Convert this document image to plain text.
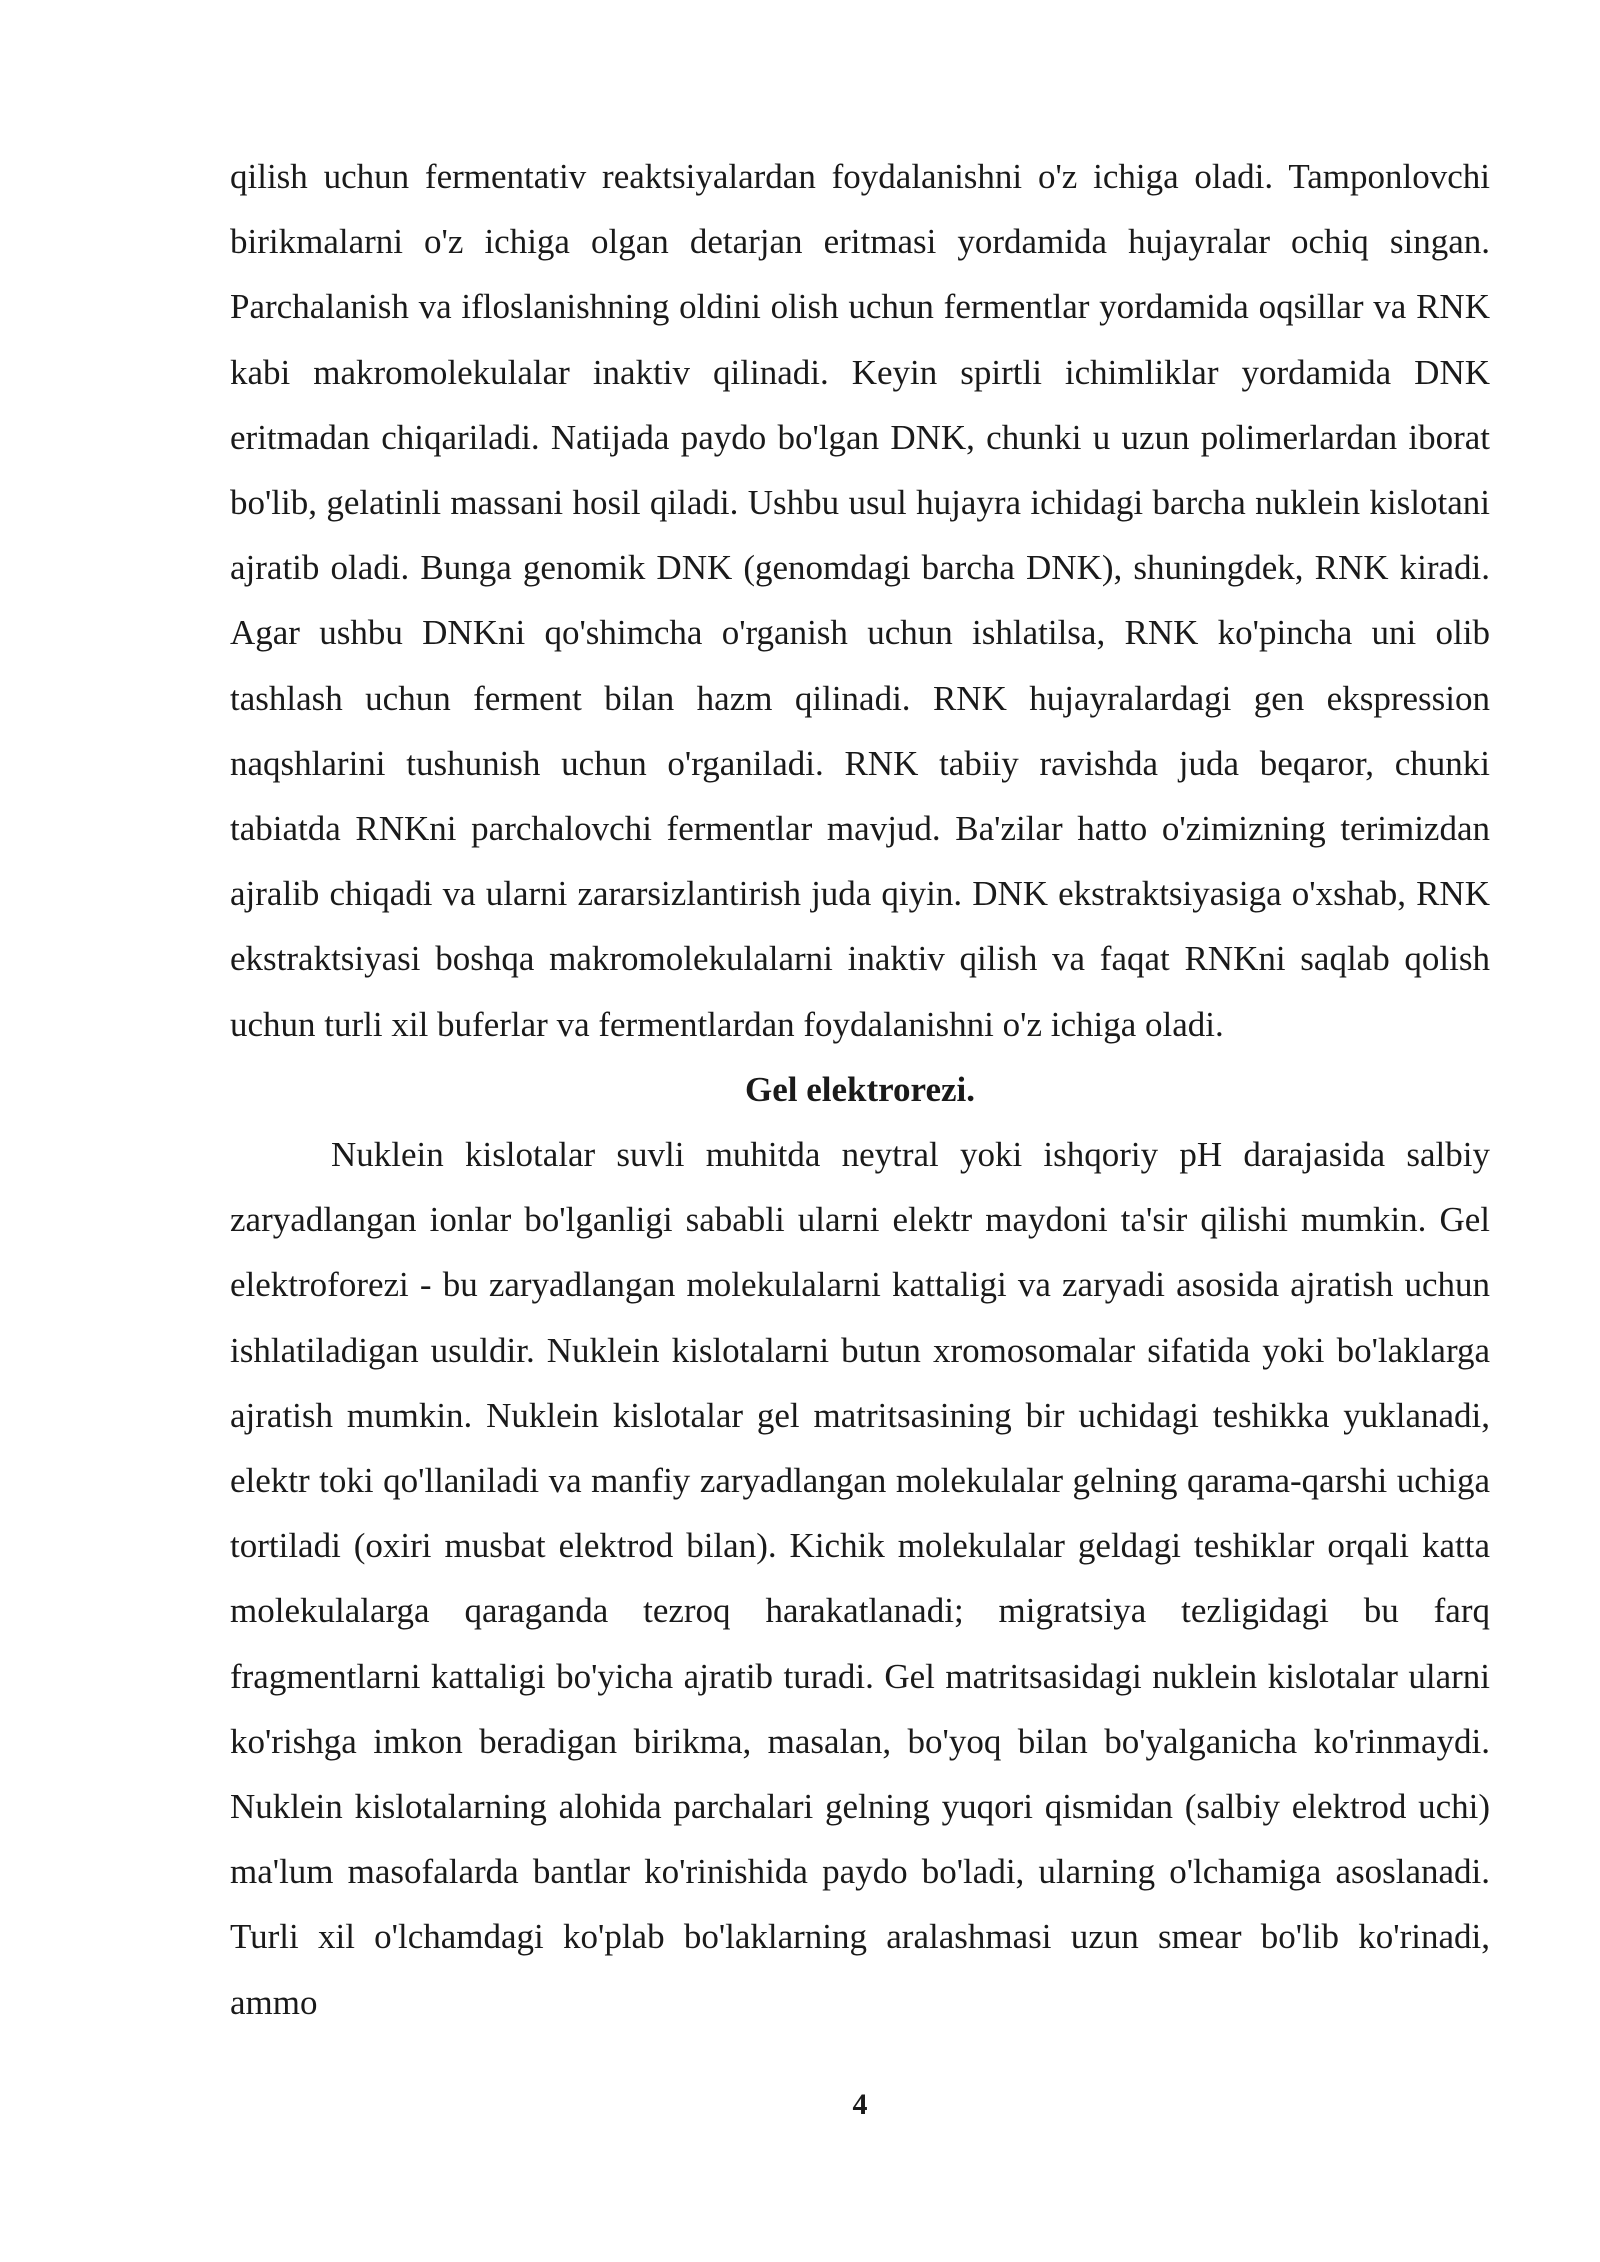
qilish uchun fermentativ reaktsiyalardan foydalanishni o'z ichiga oladi. Tamponlovchi birikmalarni o'z ichiga olgan detarjan eritmasi yordamida hujayralar ochiq singan. Parchalanish va ifloslanishning oldini olish uchun fermentlar yordamida oqsillar va RNK kabi makromolekulalar inaktiv qilinadi. Keyin spirtli ichimliklar yordamida DNK eritmadan chiqariladi. Natijada paydo bo'lgan DNK, chunki u uzun polimerlardan iborat bo'lib, gelatinli massani hosil qiladi. Ushbu usul hujayra ichidagi barcha nuklein kislotani ajratib oladi. Bunga genomik DNK (genomdagi barcha DNK), shuningdek, RNK kiradi. Agar ushbu DNKni qo'shimcha o'rganish uchun ishlatilsa, RNK ko'pincha uni olib tashlash uchun ferment bilan hazm qilinadi. RNK hujayralardagi gen ekspression naqshlarini tushunish uchun o'rganiladi. RNK tabiiy ravishda juda beqaror, chunki tabiatda RNKni parchalovchi fermentlar mavjud. Ba'zilar hatto o'zimizning terimizdan ajralib chiqadi va ularni zararsizlantirish juda qiyin. DNK ekstraktsiyasiga o'xshab, RNK ekstraktsiyasi boshqa makromolekulalarni inaktiv qilish va faqat RNKni saqlab qolish uchun turli xil buferlar va fermentlardan foydalanishni o'z ichiga oladi.

Gel elektrorezi.

Nuklein kislotalar suvli muhitda neytral yoki ishqoriy pH darajasida salbiy zaryadlangan ionlar bo'lganligi sababli ularni elektr maydoni ta'sir qilishi mumkin. Gel elektroforezi - bu zaryadlangan molekulalarni kattaligi va zaryadi asosida ajratish uchun ishlatiladigan usuldir. Nuklein kislotalarni butun xromosomalar sifatida yoki bo'laklarga ajratish mumkin. Nuklein kislotalar gel matritsasining bir uchidagi teshikka yuklanadi, elektr toki qo'llaniladi va manfiy zaryadlangan molekulalar gelning qarama-qarshi uchiga tortiladi (oxiri musbat elektrod bilan). Kichik molekulalar geldagi teshiklar orqali katta molekulalarga qaraganda tezroq harakatlanadi; migratsiya tezligidagi bu farq fragmentlarni kattaligi bo'yicha ajratib turadi. Gel matritsasidagi nuklein kislotalar ularni ko'rishga imkon beradigan birikma, masalan, bo'yoq bilan bo'yalganicha ko'rinmaydi. Nuklein kislotalarning alohida parchalari gelning yuqori qismidan (salbiy elektrod uchi) ma'lum masofalarda bantlar ko'rinishida paydo bo'ladi, ularning o'lchamiga asoslanadi. Turli xil o'lchamdagi ko'plab bo'laklarning aralashmasi uzun smear bo'lib ko'rinadi, ammo

4
